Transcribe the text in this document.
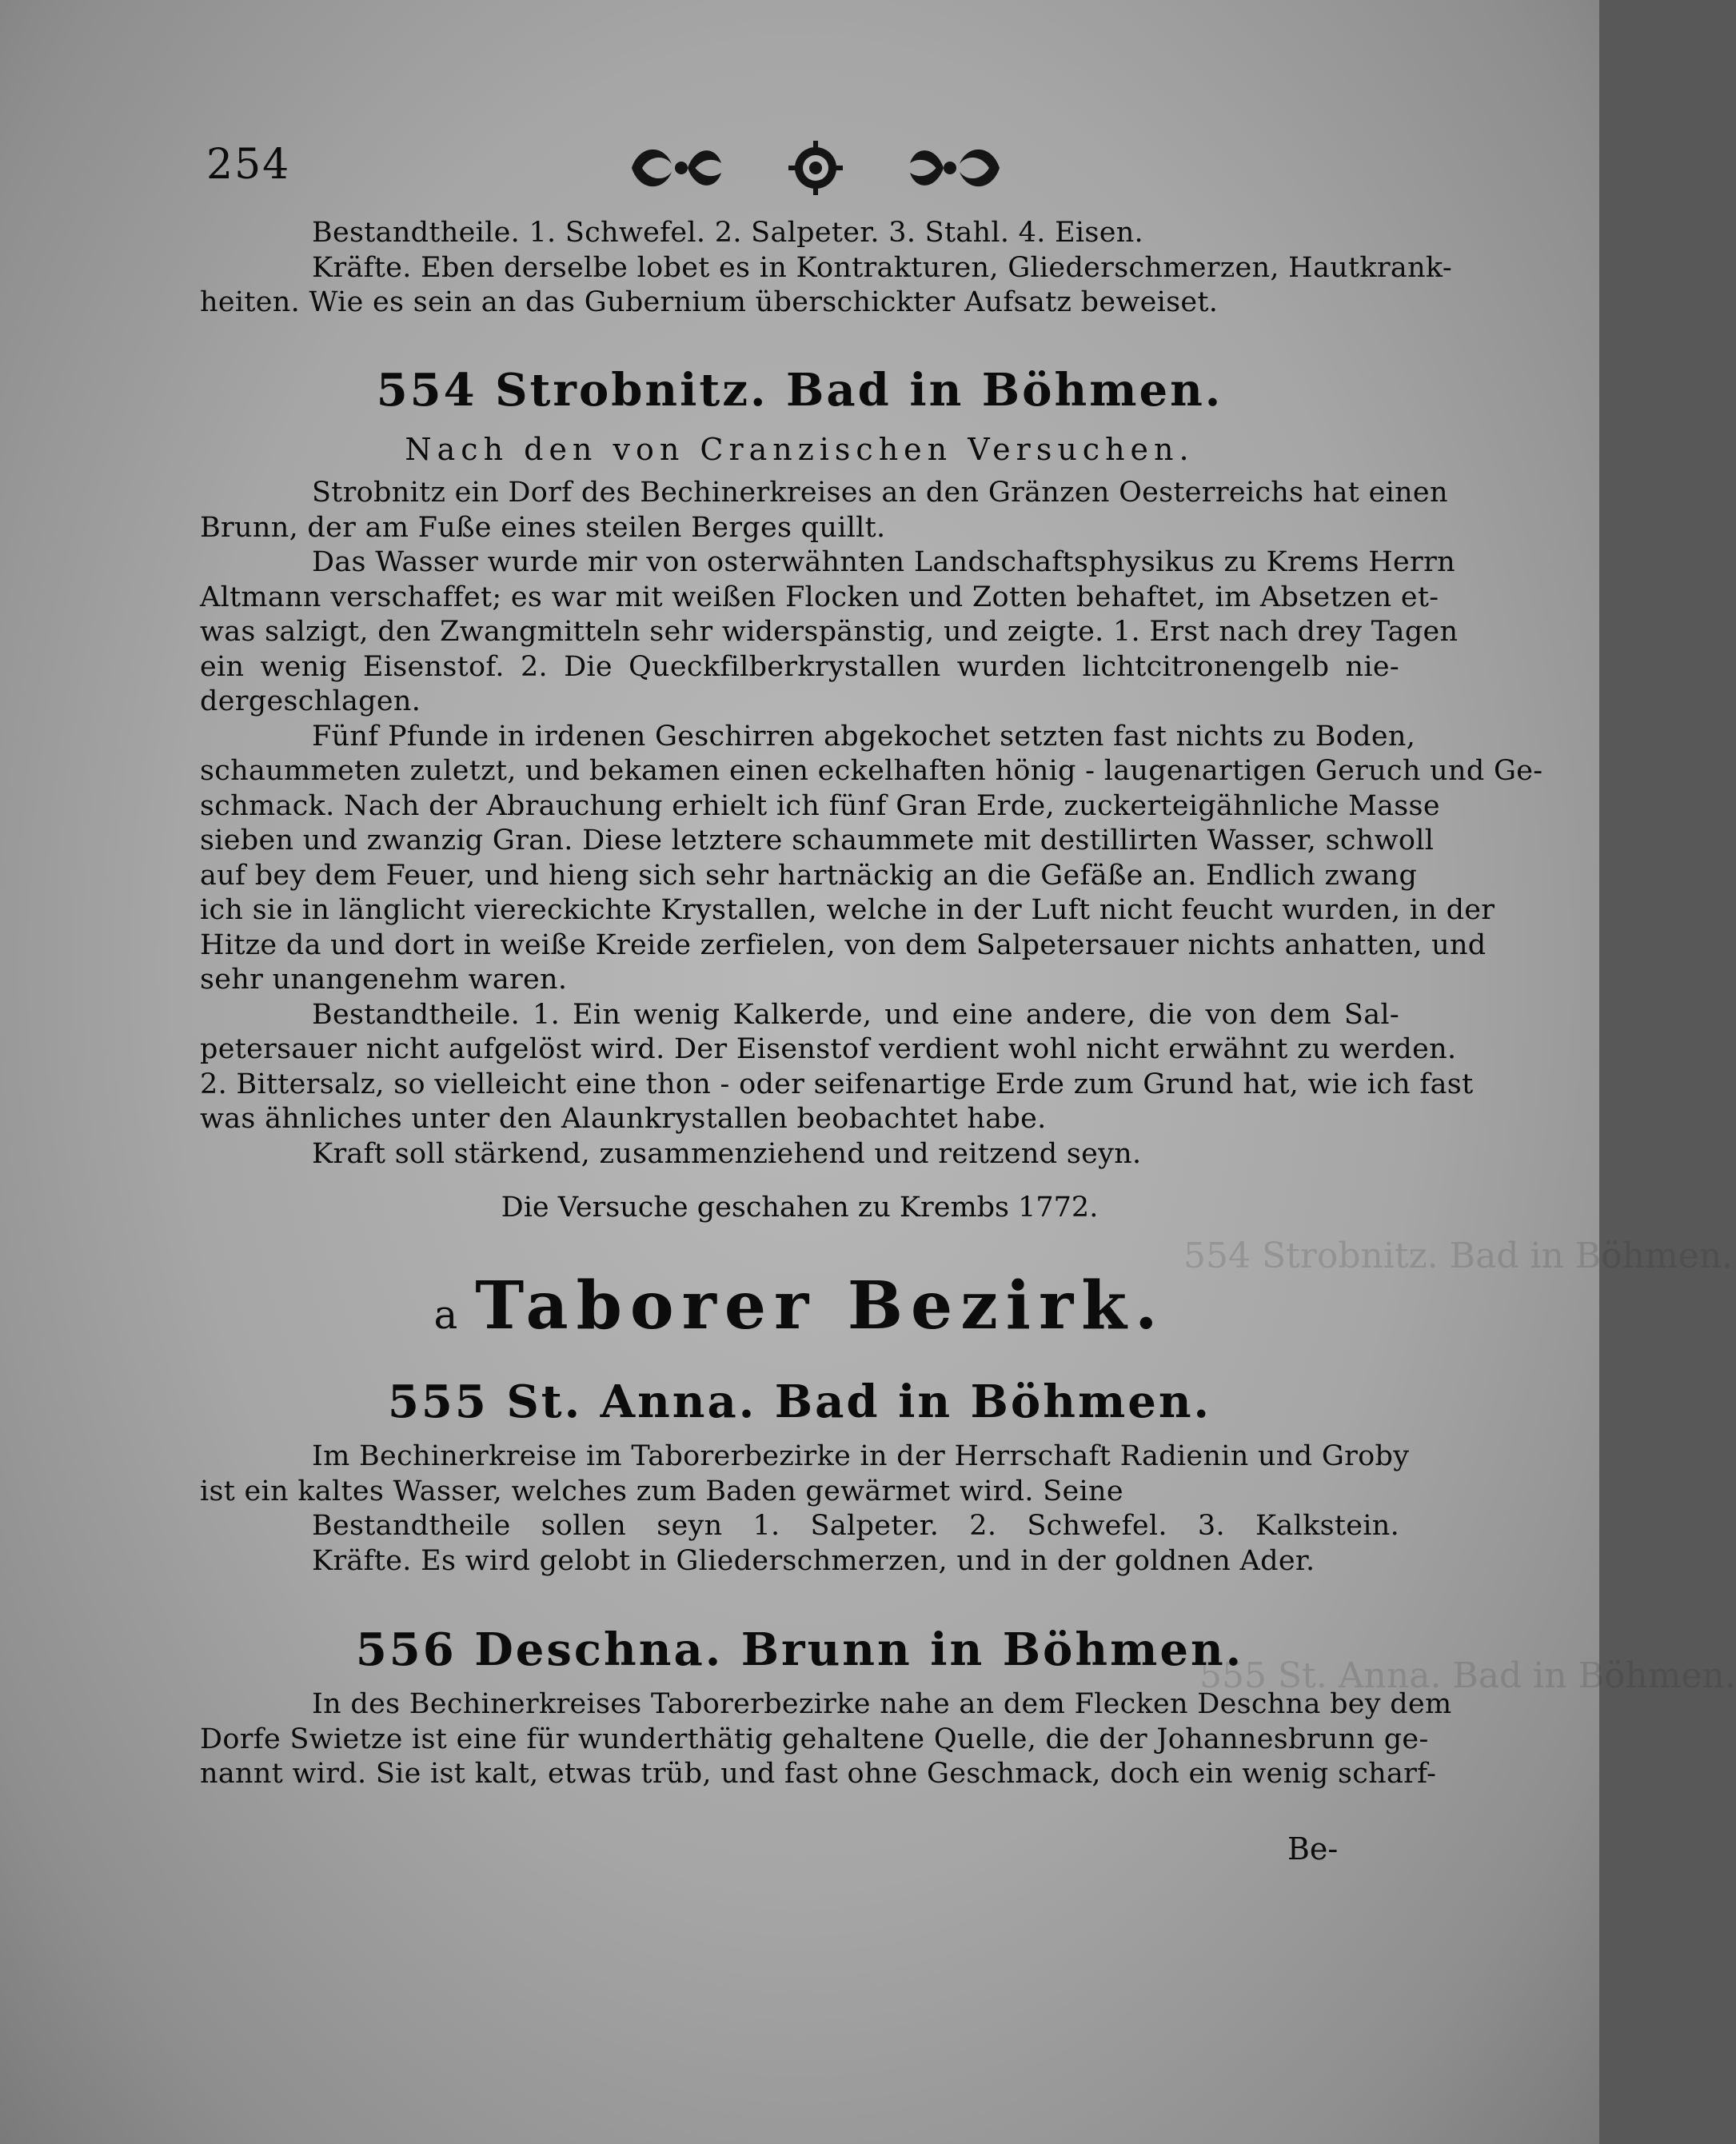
554 Strobnitz. Bad in Böhmen.
555 St. Anna. Bad in Böhmen.
254
Bestandtheile. 1. Schwefel. 2. Salpeter. 3. Stahl. 4. Eisen.
Kräfte. Eben derselbe lobet es in Kontrakturen, Gliederschmerzen, Hautkrank-
heiten. Wie es sein an das Gubernium überschickter Aufsatz beweiset.
554 Strobnitz. Bad in Böhmen.
Nach den von Cranzischen Versuchen.
Strobnitz ein Dorf des Bechinerkreises an den Gränzen Oesterreichs hat einen
Brunn, der am Fuße eines steilen Berges quillt.
Das Wasser wurde mir von osterwähnten Landschaftsphysikus zu Krems Herrn
Altmann verschaffet; es war mit weißen Flocken und Zotten behaftet, im Absetzen et-
was salzigt, den Zwangmitteln sehr widerspänstig, und zeigte. 1. Erst nach drey Tagen
ein wenig Eisenstof. 2. Die Queckfilberkrystallen wurden lichtcitronengelb nie-
dergeschlagen.
Fünf Pfunde in irdenen Geschirren abgekochet setzten fast nichts zu Boden,
schaummeten zuletzt, und bekamen einen eckelhaften hönig - laugenartigen Geruch und Ge-
schmack. Nach der Abrauchung erhielt ich fünf Gran Erde, zuckerteigähnliche Masse
sieben und zwanzig Gran. Diese letztere schaummete mit destillirten Wasser, schwoll
auf bey dem Feuer, und hieng sich sehr hartnäckig an die Gefäße an. Endlich zwang
ich sie in länglicht viereckichte Krystallen, welche in der Luft nicht feucht wurden, in der
Hitze da und dort in weiße Kreide zerfielen, von dem Salpetersauer nichts anhatten, und
sehr unangenehm waren.
Bestandtheile. 1. Ein wenig Kalkerde, und eine andere, die von dem Sal-
petersauer nicht aufgelöst wird. Der Eisenstof verdient wohl nicht erwähnt zu werden.
2. Bittersalz, so vielleicht eine thon - oder seifenartige Erde zum Grund hat, wie ich fast
was ähnliches unter den Alaunkrystallen beobachtet habe.
Kraft soll stärkend, zusammenziehend und reitzend seyn.
Die Versuche geschahen zu Krembs 1772.
a Taborer Bezirk.
555 St. Anna. Bad in Böhmen.
Im Bechinerkreise im Taborerbezirke in der Herrschaft Radienin und Groby
ist ein kaltes Wasser, welches zum Baden gewärmet wird. Seine
Bestandtheile sollen seyn 1. Salpeter. 2. Schwefel. 3. Kalkstein.
Kräfte. Es wird gelobt in Gliederschmerzen, und in der goldnen Ader.
556 Deschna. Brunn in Böhmen.
In des Bechinerkreises Taborerbezirke nahe an dem Flecken Deschna bey dem
Dorfe Swietze ist eine für wunderthätig gehaltene Quelle, die der Johannesbrunn ge-
nannt wird. Sie ist kalt, etwas trüb, und fast ohne Geschmack, doch ein wenig scharf-
Be-
